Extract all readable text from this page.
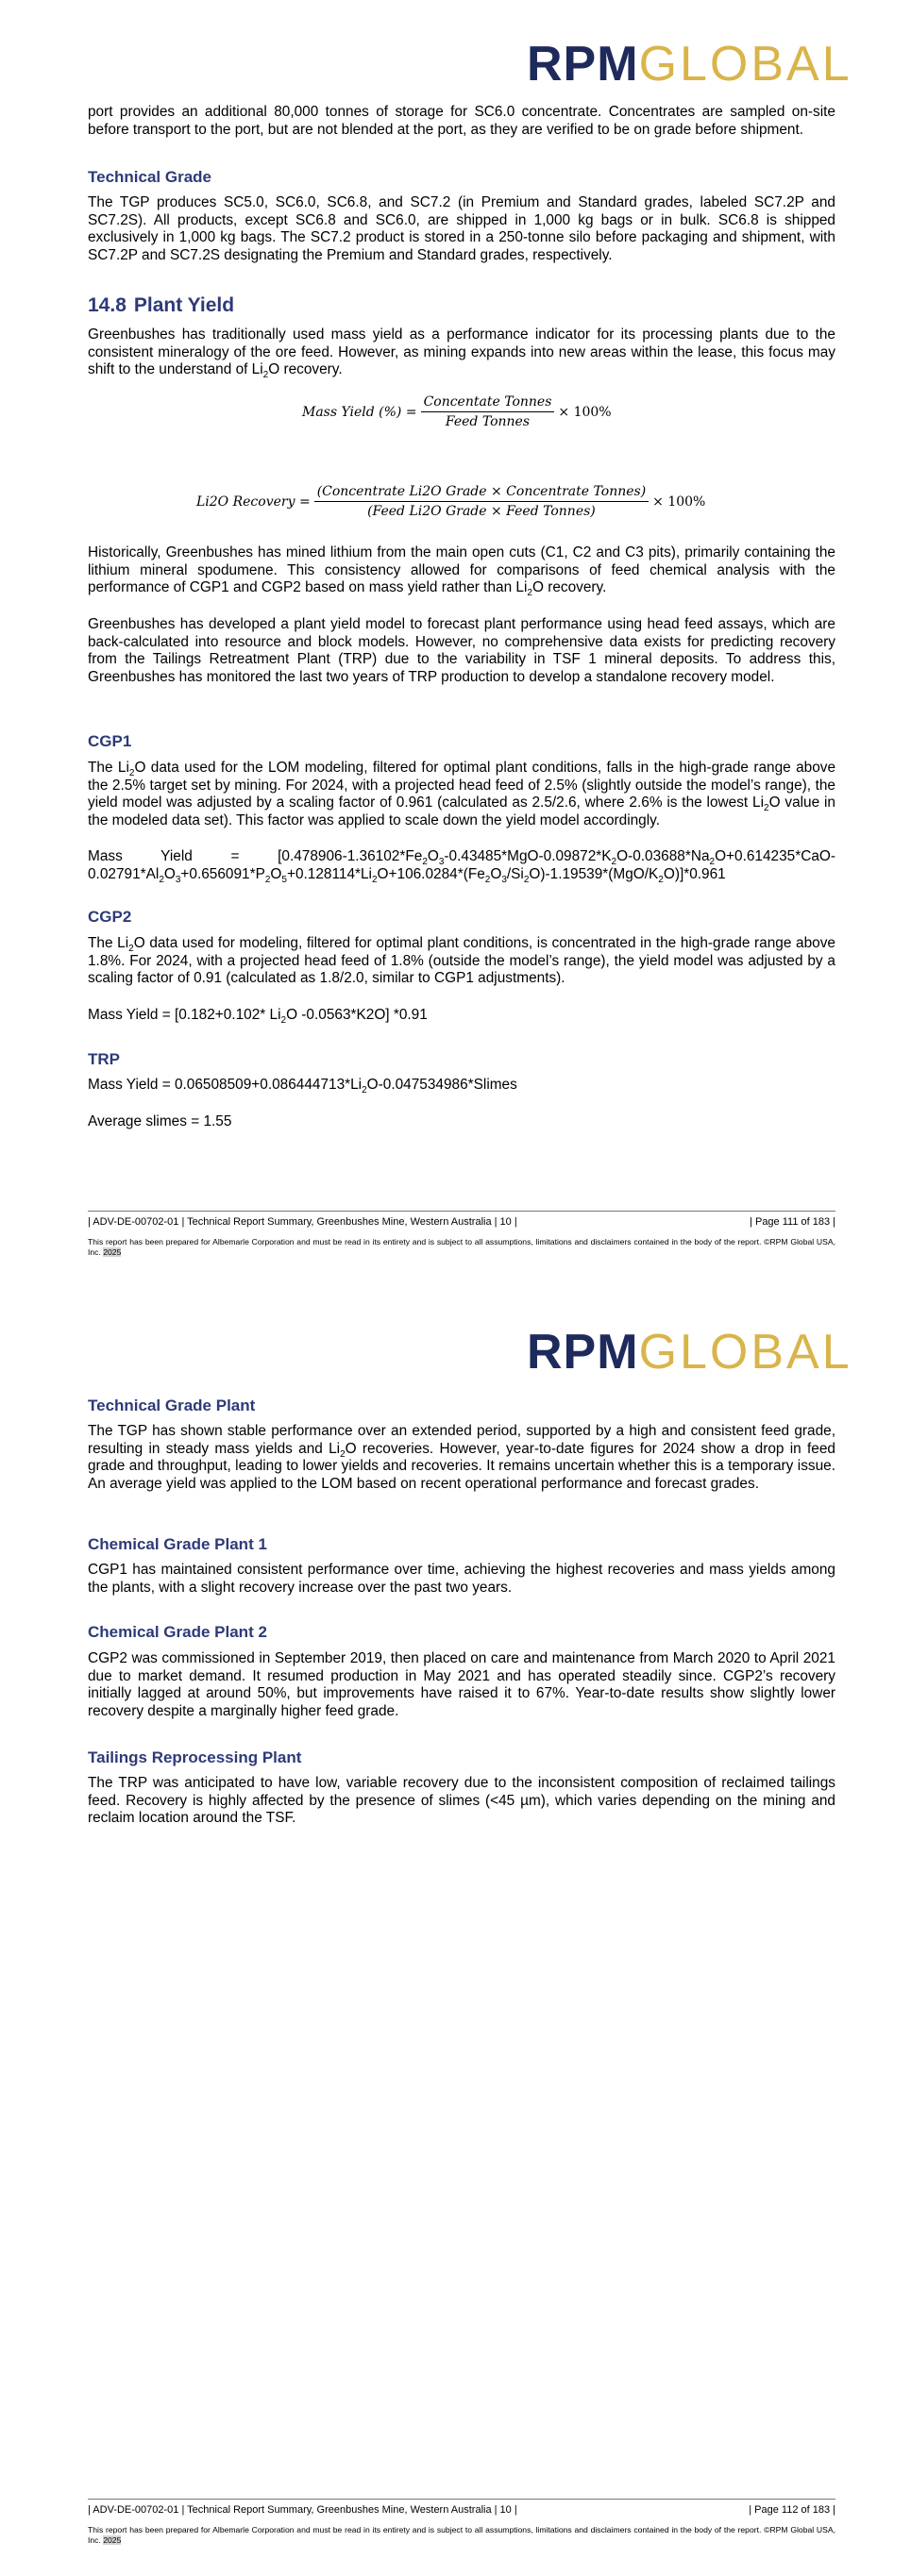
RPMGLOBAL

port provides an additional 80,000 tonnes of storage for SC6.0 concentrate. Concentrates are sampled on-site before transport to the port, but are not blended at the port, as they are verified to be on grade before shipment.

Technical Grade

The TGP produces SC5.0, SC6.0, SC6.8, and SC7.2 (in Premium and Standard grades, labeled SC7.2P and SC7.2S). All products, except SC6.8 and SC6.0, are shipped in 1,000 kg bags or in bulk. SC6.8 is shipped exclusively in 1,000 kg bags. The SC7.2 product is stored in a 250-tonne silo before packaging and shipment, with SC7.2P and SC7.2S designating the Premium and Standard grades, respectively.

14.8 Plant Yield

Greenbushes has traditionally used mass yield as a performance indicator for its processing plants due to the consistent mineralogy of the ore feed. However, as mining expands into new areas within the lease, this focus may shift to the understand of $Li_2O$ recovery.

Mass Yield (%) = $\frac{\text{Concentate Tonnes}}{\text{Feed Tonnes}} \times 100\%$
Li2O Recovery = $\frac{\text{(Concentrate Li2O Grade × Concentrate Tonnes)}}{\text{(Feed Li2O Grade × Feed Tonnes)}} \times 100\%$

Historically, Greenbushes has mined lithium from the main open cuts (C1, C2 and C3 pits), primarily containing the lithium mineral spodumene. This consistency allowed for comparisons of feed chemical analysis with the performance of CGP1 and CGP2 based on mass yield rather than $Li_2O$ recovery.

Greenbushes has developed a plant yield model to forecast plant performance using head feed assays, which are back-calculated into resource and block models. However, no comprehensive data exists for predicting recovery from the Tailings Retreatment Plant (TRP) due to the variability in TSF 1 mineral deposits. To address this, Greenbushes has monitored the last two years of TRP production to develop a standalone recovery model.

CGP1

The $Li_2O$ data used for the LOM modeling, filtered for optimal plant conditions, falls in the high-grade range above the 2.5% target set by mining. For 2024, with a projected head feed of 2.5% (slightly outside the model’s range), the yield model was adjusted by a scaling factor of 0.961 (calculated as 2.5/2.6, where 2.6% is the lowest $Li_2O$ value in the modeled data set). This factor was applied to scale down the yield model accordingly.

Mass Yield = [$0.478906-1.36102*Fe_2O_3-0.43485*MgO-0.09872*K_2O-0.03688*Na_2O+0.614235*CaO-0.02791*Al_2O_3+0.656091*P_2O_5+0.128114*Li_2O+106$.$0284*(Fe_2O_3/Si_2O)-1.19539*(MgO/K_2O)]*0.961$

CGP2

The $Li_2O$ data used for modeling, filtered for optimal plant conditions, is concentrated in the high-grade range above 1.8%. For 2024, with a projected head feed of 1.8% (outside the model’s range), the yield model was adjusted by a scaling factor of 0.91 (calculated as 1.8/2.0, similar to CGP1 adjustments).

Mass Yield = [0.182+0.102* $Li_2O$ -0.0563*K2O] *0.91

TRP

Mass Yield = $0.06508509+0.086444713*Li_2O-0.047534986*Slimes$

Average slimes = 1.55

| ADV-DE-00702-01 | Technical Report Summary, Greenbushes Mine, Western Australia | 10 |	| Page 111 of 183 |

This report has been prepared for Albemarle Corporation and must be read in its entirety and is subject to all assumptions, limitations and disclaimers contained in the body of the report. ©RPM Global USA, Inc. 2025

RPMGLOBAL
Technical Grade Plant

The TGP has shown stable performance over an extended period, supported by a high and consistent feed grade, resulting in steady mass yields and $Li_2O$ recoveries. However, year-to-date figures for 2024 show a drop in feed grade and throughput, leading to lower yields and recoveries. It remains uncertain whether this is a temporary issue. An average yield was applied to the LOM based on recent operational performance and forecast grades.

Chemical Grade Plant 1

CGP1 has maintained consistent performance over time, achieving the highest recoveries and mass yields among the plants, with a slight recovery increase over the past two years.

Chemical Grade Plant 2

CGP2 was commissioned in September 2019, then placed on care and maintenance from March 2020 to April 2021 due to market demand. It resumed production in May 2021 and has operated steadily since. CGP2’s recovery initially lagged at around 50%, but improvements have raised it to 67%. Year-to-date results show slightly lower recovery despite a marginally higher feed grade.

Tailings Reprocessing Plant

The TRP was anticipated to have low, variable recovery due to the inconsistent composition of reclaimed tailings feed. Recovery is highly affected by the presence of slimes (<45 µm), which varies depending on the mining and reclaim location around the TSF.

| ADV-DE-00702-01 | Technical Report Summary, Greenbushes Mine, Western Australia | 10 |	| Page 112 of 183 |

This report has been prepared for Albemarle Corporation and must be read in its entirety and is subject to all assumptions, limitations and disclaimers contained in the body of the report. ©RPM Global USA, Inc. 2025
